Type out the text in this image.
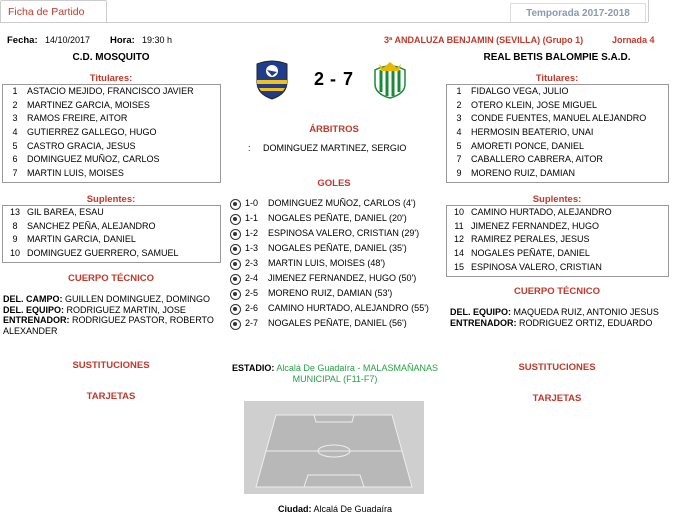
Ficha de Partido	Temporada 2017-2018
Fecha: 14/10/2017 Hora: 19:30 h	3ª ANDALUZA BENJAMIN (SEVILLA) (Grupo 1)	Jornada 4
C.D. MOSQUITO	REAL BETIS BALOMPIE S.A.D.
2 - 7
Titulares:
1	ASTACIO MEJIDO, FRANCISCO JAVIER
2	MARTINEZ GARCIA, MOISES
3	RAMOS FREIRE, AITOR
4	GUTIERREZ GALLEGO, HUGO
5	CASTRO GRACIA, JESUS
6	DOMINGUEZ MUÑOZ, CARLOS
7	MARTIN LUIS, MOISES
Titulares:
1	FIDALGO VEGA, JULIO
2	OTERO KLEIN, JOSE MIGUEL
3	CONDE FUENTES, MANUEL ALEJANDRO
4	HERMOSIN BEATERIO, UNAI
5	AMORETI PONCE, DANIEL
7	CABALLERO CABRERA, AITOR
9	MORENO RUIZ, DAMIAN
ÁRBITROS
: DOMINGUEZ MARTINEZ, SERGIO
GOLES
1-0 DOMINGUEZ MUÑOZ, CARLOS (4')
1-1 NOGALES PEÑATE, DANIEL (20')
1-2 ESPINOSA VALERO, CRISTIAN (29')
1-3 NOGALES PEÑATE, DANIEL (35')
2-3 MARTIN LUIS, MOISES (48')
2-4 JIMENEZ FERNANDEZ, HUGO (50')
2-5 MORENO RUIZ, DAMIAN (53')
2-6 CAMINO HURTADO, ALEJANDRO (55')
2-7 NOGALES PEÑATE, DANIEL (56')
Suplentes:
13 GIL BAREA, ESAU
8	SANCHEZ PEÑA, ALEJANDRO
9	MARTIN GARCIA, DANIEL
10 DOMINGUEZ GUERRERO, SAMUEL
Suplentes:
10 CAMINO HURTADO, ALEJANDRO
11 JIMENEZ FERNANDEZ, HUGO
12 RAMIREZ PERALES, JESUS
14 NOGALES PEÑATE, DANIEL
15 ESPINOSA VALERO, CRISTIAN
CUERPO TÉCNICO
DEL. CAMPO: GUILLEN DOMINGUEZ, DOMINGO
DEL. EQUIPO: RODRIGUEZ MARTIN, JOSE
ENTRENADOR: RODRIGUEZ PASTOR, ROBERTO ALEXANDER
SUSTITUCIONES
TARJETAS
CUERPO TÉCNICO
DEL. EQUIPO: MAQUEDA RUIZ, ANTONIO JESUS
ENTRENADOR: RODRIGUEZ ORTIZ, EDUARDO
SUSTITUCIONES
TARJETAS
ESTADIO: Alcalá De Guadaíra - MALASMAÑANAS MUNICIPAL (F11-F7)
Ciudad: Alcalá De Guadaíra
